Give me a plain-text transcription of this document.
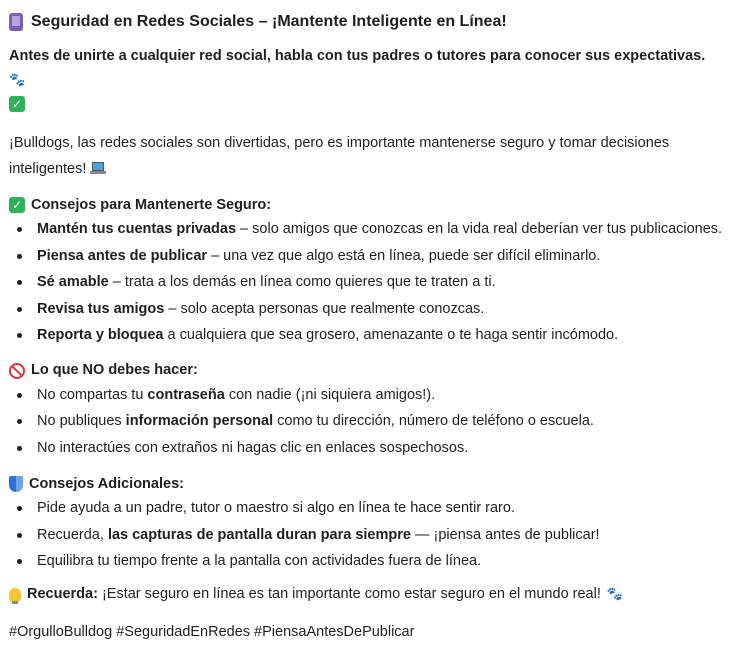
Seguridad en Redes Sociales – ¡Mantente Inteligente en Línea!
Antes de unirte a cualquier red social, habla con tus padres o tutores para conocer sus expectativas. 🐾
✓
¡Bulldogs, las redes sociales son divertidas, pero es importante mantenerse seguro y tomar decisiones inteligentes!
✓ Consejos para Mantenerte Seguro:
Mantén tus cuentas privadas – solo amigos que conozcas en la vida real deberían ver tus publicaciones.
Piensa antes de publicar – una vez que algo está en línea, puede ser difícil eliminarlo.
Sé amable – trata a los demás en línea como quieres que te traten a ti.
Revisa tus amigos – solo acepta personas que realmente conozcas.
Reporta y bloquea a cualquiera que sea grosero, amenazante o te haga sentir incómodo.
Lo que NO debes hacer:
No compartas tu contraseña con nadie (¡ni siquiera amigos!).
No publiques información personal como tu dirección, número de teléfono o escuela.
No interactúes con extraños ni hagas clic en enlaces sospechosos.
Consejos Adicionales:
Pide ayuda a un padre, tutor o maestro si algo en línea te hace sentir raro.
Recuerda, las capturas de pantalla duran para siempre — ¡piensa antes de publicar!
Equilibra tu tiempo frente a la pantalla con actividades fuera de línea.
Recuerda: ¡Estar seguro en línea es tan importante como estar seguro en el mundo real! 🐾
#OrgulloBulldog #SeguridadEnRedes #PiensaAntesDePublicar
